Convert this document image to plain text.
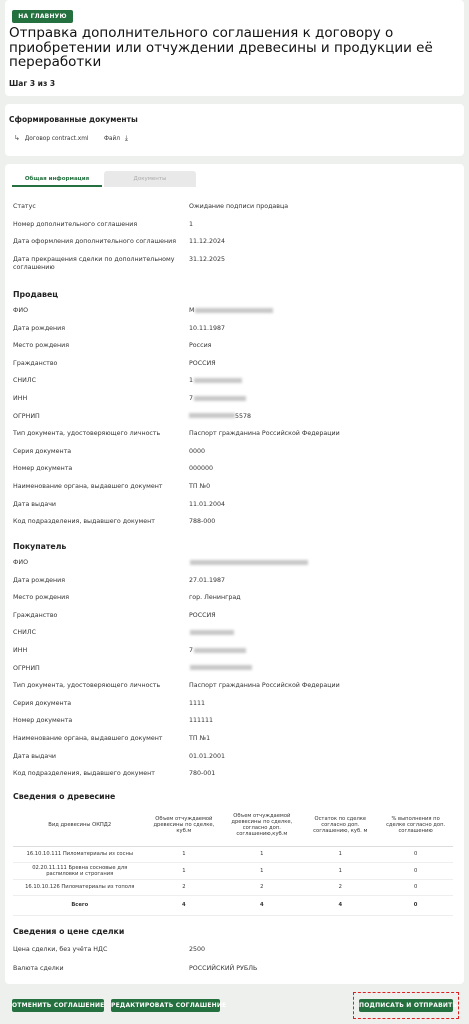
НА ГЛАВНУЮ
Отправка дополнительного соглашения к договору о приобретении или отчуждении древесины и продукции её переработки
Шаг 3 из 3
Сформированные документы
↳ Договор contract.xml	Файл ⤓
Общая информация	Документы
Статус	Ожидание подписи продавца
Номер дополнительного соглашения	1
Дата оформления дополнительного соглашения 11.12.2024
Дата прекращения сделки по дополнительному соглашению
31.12.2025
Продавец
ФИО	М
Дата рождения	10.11.1987
Место рождения	Россия
Гражданство	РОССИЯ
СНИЛС	1
ИНН	7
ОГРНИП	5578
Тип документа, удостоверяющего личность	Паспорт гражданина Российской Федерации
Серия документа	0000
Номер документа	000000
Наименование органа, выдавшего документ	ТП №0
Дата выдачи	11.01.2004
Код подразделения, выдавшего документ	788-000
Покупатель
ФИО
Дата рождения	27.01.1987
Место рождения	гор. Ленинград
Гражданство	РОССИЯ
СНИЛС
ИНН	7
ОГРНИП
Тип документа, удостоверяющего личность	Паспорт гражданина Российской Федерации
Серия документа	1111
Номер документа	111111
Наименование органа, выдавшего документ	ТП №1
Дата выдачи	01.01.2001
Код подразделения, выдавшего документ	780-001
Сведения о древесине
Вид древесины ОКПД2	Объем отчуждаемой древесины по сделке, куб.м	Объем отчуждаемой древесины по сделке, согласно доп. соглашению,куб.м	Остаток по сделке согласно доп. соглашению, куб. м	% выполнения по сделке согласно доп. соглашению
16.10.10.111 Пиломатериалы из сосны	1	1	1	0
02.20.11.111 Бревна сосновые для распиловки и строгания	1	1	1	0
16.10.10.126 Пиломатериалы из тополя	2	2	2	0
Всего	4	4	4	0
Сведения о цене сделки
Цена сделки, без учёта НДС	2500
Валюта сделки	РОССИЙСКИЙ РУБЛЬ
ОТМЕНИТЬ СОГЛАШЕНИЕ РЕДАКТИРОВАТЬ СОГЛАШЕНИЕ	ПОДПИСАТЬ И ОТПРАВИТЬ
